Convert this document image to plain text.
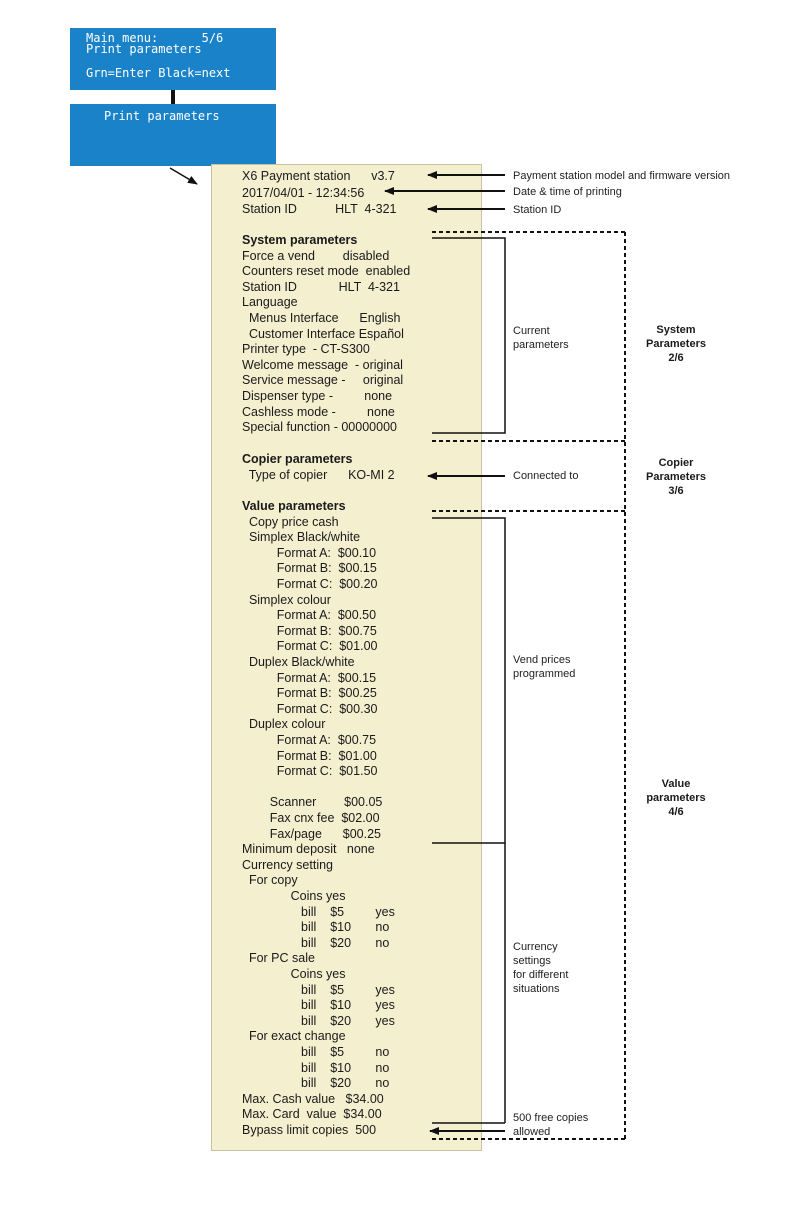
Main menu:      5/6
Print parameters
Grn=Enter Black=next
Print parameters
X6 Payment station      v3.7
2017/04/01 - 12:34:56
Station ID           HLT  4-321
System parameters
Force a vend        disabled
Counters reset mode  enabled
Station ID            HLT  4-321
Language
Menus Interface      English
Customer Interface Español
Printer type  - CT-S300
Welcome message  - original
Service message -     original
Dispenser type -         none
Cashless mode -         none
Special function - 00000000
Copier parameters
Type of copier      KO-MI 2
Value parameters
Copy price cash
Simplex Black/white
Format A:  $00.10
Format B:  $00.15
Format C:  $00.20
Simplex colour
Format A:  $00.50
Format B:  $00.75
Format C:  $01.00
Duplex Black/white
Format A:  $00.15
Format B:  $00.25
Format C:  $00.30
Duplex colour
Format A:  $00.75
Format B:  $01.00
Format C:  $01.50
Scanner        $00.05
Fax cnx fee  $02.00
Fax/page      $00.25
Minimum deposit   none
Currency setting
For copy
Coins yes
bill    $5         yes
bill    $10       no
bill    $20       no
For PC sale
Coins yes
bill    $5         yes
bill    $10       yes
bill    $20       yes
For exact change
bill    $5         no
bill    $10       no
bill    $20       no
Max. Cash value   $34.00
Max. Card  value  $34.00
Bypass limit copies  500
Payment station model and firmware version
Date & time of printing
Station ID
Current
parameters
Connected to
Vend prices
programmed
Currency
settings
for different
situations
500 free copies
allowed
System
Parameters
2/6
Copier
Parameters
3/6
Value
parameters
4/6
